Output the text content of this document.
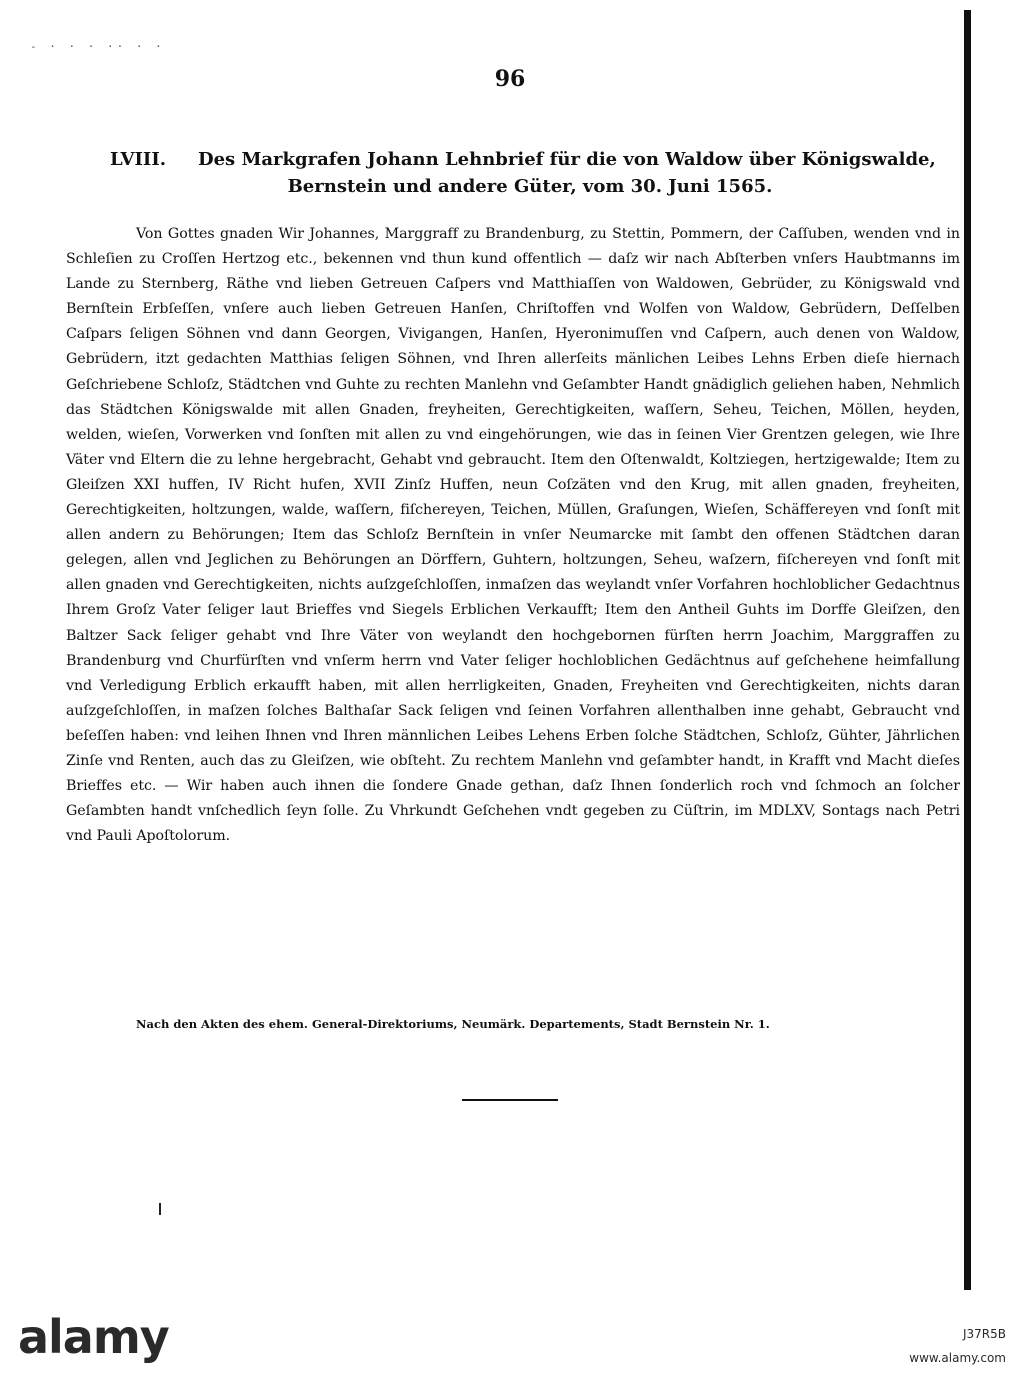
- · · · ·· · ·
96
LVIII. Des Markgrafen Johann Lehnbrief für die von Waldow über Königswalde,
Bernstein und andere Güter, vom 30. Juni 1565.
Von Gottes gnaden Wir Johannes, Marggraff zu Brandenburg, zu Stettin, Pommern, der Caſſuben, wenden vnd in Schleſien zu Croſſen Hertzog etc., bekennen vnd thun kund offentlich — daſz wir nach Abſterben vnſers Haubtmanns im Lande zu Sternberg, Räthe vnd lieben Getreuen Caſpers vnd Matthiaſſen von Waldowen, Gebrüder, zu Königswald vnd Bernſtein Erbſeſſen, vnſere auch lieben Getreuen Hanſen, Chriſtoffen vnd Wolfen von Waldow, Gebrüdern, Deſſelben Caſpars ſeligen Söhnen vnd dann Georgen, Vivigangen, Hanſen, Hyeronimuſſen vnd Caſpern, auch denen von Waldow, Gebrüdern, itzt gedachten Matthias ſeligen Söhnen, vnd Ihren allerſeits mänlichen Leibes Lehns Erben dieſe hiernach Geſchriebene Schloſz, Städtchen vnd Guhte zu rechten Manlehn vnd Geſambter Handt gnädiglich geliehen haben, Nehmlich das Städtchen Königswalde mit allen Gnaden, freyheiten, Gerechtigkeiten, waſſern, Seheu, Teichen, Möllen, heyden, welden, wieſen, Vorwerken vnd ſonſten mit allen zu vnd eingehörungen, wie das in ſeinen Vier Grentzen gelegen, wie Ihre Väter vnd Eltern die zu lehne hergebracht, Gehabt vnd gebraucht. Item den Oſtenwaldt, Koltziegen, hertzigewalde; Item zu Gleiſzen XXI huffen, IV Richt hufen, XVII Zinſz Huffen, neun Coſzäten vnd den Krug, mit allen gnaden, freyheiten, Gerechtigkeiten, holtzungen, walde, waſſern, fiſchereyen, Teichen, Müllen, Graſungen, Wieſen, Schäffereyen vnd ſonſt mit allen andern zu Behörungen; Item das Schloſz Bernſtein in vnſer Neumarcke mit ſambt den offenen Städtchen daran gelegen, allen vnd Jeglichen zu Behörungen an Dörffern, Guhtern, holtzungen, Seheu, waſzern, fiſchereyen vnd ſonſt mit allen gnaden vnd Gerechtigkeiten, nichts auſzgeſchloſſen, inmaſzen das weylandt vnſer Vorfahren hochloblicher Gedachtnus Ihrem Groſz Vater ſeliger laut Brieffes vnd Siegels Erblichen Verkaufft; Item den Antheil Guhts im Dorffe Gleiſzen, den Baltzer Sack ſeliger gehabt vnd Ihre Väter von weylandt den hochgebornen fürſten herrn Joachim, Marggraffen zu Brandenburg vnd Churfürſten vnd vnſerm herrn vnd Vater ſeliger hochloblichen Gedächtnus auf geſchehene heimfallung vnd Verledigung Erblich erkaufft haben, mit allen herrligkeiten, Gnaden, Freyheiten vnd Gerechtigkeiten, nichts daran auſzgeſchloſſen, in maſzen ſolches Balthaſar Sack ſeligen vnd ſeinen Vorfahren allenthalben inne gehabt, Gebraucht vnd beſeſſen haben: vnd leihen Ihnen vnd Ihren männlichen Leibes Lehens Erben ſolche Städtchen, Schloſz, Gühter, Jährlichen Zinſe vnd Renten, auch das zu Gleiſzen, wie obſteht. Zu rechtem Manlehn vnd geſambter handt, in Krafft vnd Macht dieſes Brieffes etc. — Wir haben auch ihnen die ſondere Gnade gethan, daſz Ihnen ſonderlich roch vnd ſchmoch an ſolcher Geſambten handt vnſchedlich ſeyn ſolle. Zu Vhrkundt Geſchehen vndt gegeben zu Cüſtrin, im MDLXV, Sontags nach Petri vnd Pauli Apoſtolorum.
Nach den Akten des ehem. General-Direktoriums, Neumärk. Departements, Stadt Bernstein Nr. 1.
alamy	J37R5B
www.alamy.com
